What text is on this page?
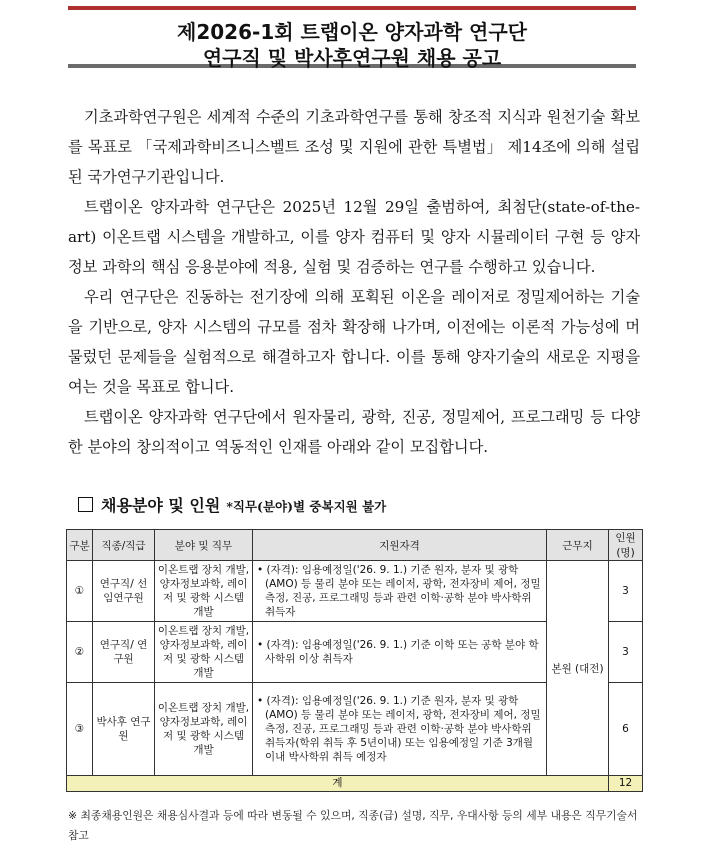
제2026-1회 트랩이온 양자과학 연구단
연구직 및 박사후연구원 채용 공고

기초과학연구원은 세계적 수준의 기초과학연구를 통해 창조적 지식과 원천기술 확보를 목표로 「국제과학비즈니스벨트 조성 및 지원에 관한 특별법」 제14조에 의해 설립된 국가연구기관입니다.

트랩이온 양자과학 연구단은 2025년 12월 29일 출범하여, 최첨단(state-of-the-art) 이온트랩 시스템을 개발하고, 이를 양자 컴퓨터 및 양자 시뮬레이터 구현 등 양자정보 과학의 핵심 응용분야에 적용, 실험 및 검증하는 연구를 수행하고 있습니다.

우리 연구단은 진동하는 전기장에 의해 포획된 이온을 레이저로 정밀제어하는 기술을 기반으로, 양자 시스템의 규모를 점차 확장해 나가며, 이전에는 이론적 가능성에 머물렀던 문제들을 실험적으로 해결하고자 합니다. 이를 통해 양자기술의 새로운 지평을 여는 것을 목표로 합니다.

트랩이온 양자과학 연구단에서 원자물리, 광학, 진공, 정밀제어, 프로그래밍 등 다양한 분야의 창의적이고 역동적인 인재를 아래와 같이 모집합니다.

채용분야 및 인원 *직무(분야)별 중복지원 불가
구분	직종/직급	분야 및 직무	지원자격	근무지	인원(명)
①	연구직/ 선임연구원	이온트랩 장치 개발, 양자정보과학, 레이저 및 광학 시스템 개발	• (자격): 임용예정일('26. 9. 1.) 기준 원자, 분자 및 광학(AMO) 등 물리 분야 또는 레이저, 광학, 전자장비 제어, 정밀 측정, 진공, 프로그래밍 등과 관련 이학·공학 분야 박사학위 취득자	본원 (대전)	3
②	연구직/ 연구원	이온트랩 장치 개발, 양자정보과학, 레이저 및 광학 시스템 개발	• (자격): 임용예정일('26. 9. 1.) 기준 이학 또는 공학 분야 학사학위 이상 취득자		3
③	박사후 연구원	이온트랩 장치 개발, 양자정보과학, 레이저 및 광학 시스템 개발	• (자격): 임용예정일('26. 9. 1.) 기준 원자, 분자 및 광학(AMO) 등 물리 분야 또는 레이저, 광학, 전자장비 제어, 정밀 측정, 진공, 프로그래밍 등과 관련 이학·공학 분야 박사학위 취득자(학위 취득 후 5년이내) 또는 임용예정일 기준 3개월 이내 박사학위 취득 예정자		6
계					12
※ 최종채용인원은 채용심사결과 등에 따라 변동될 수 있으며, 직종(급) 설명, 직무, 우대사항 등의 세부 내용은 직무기술서 참고
